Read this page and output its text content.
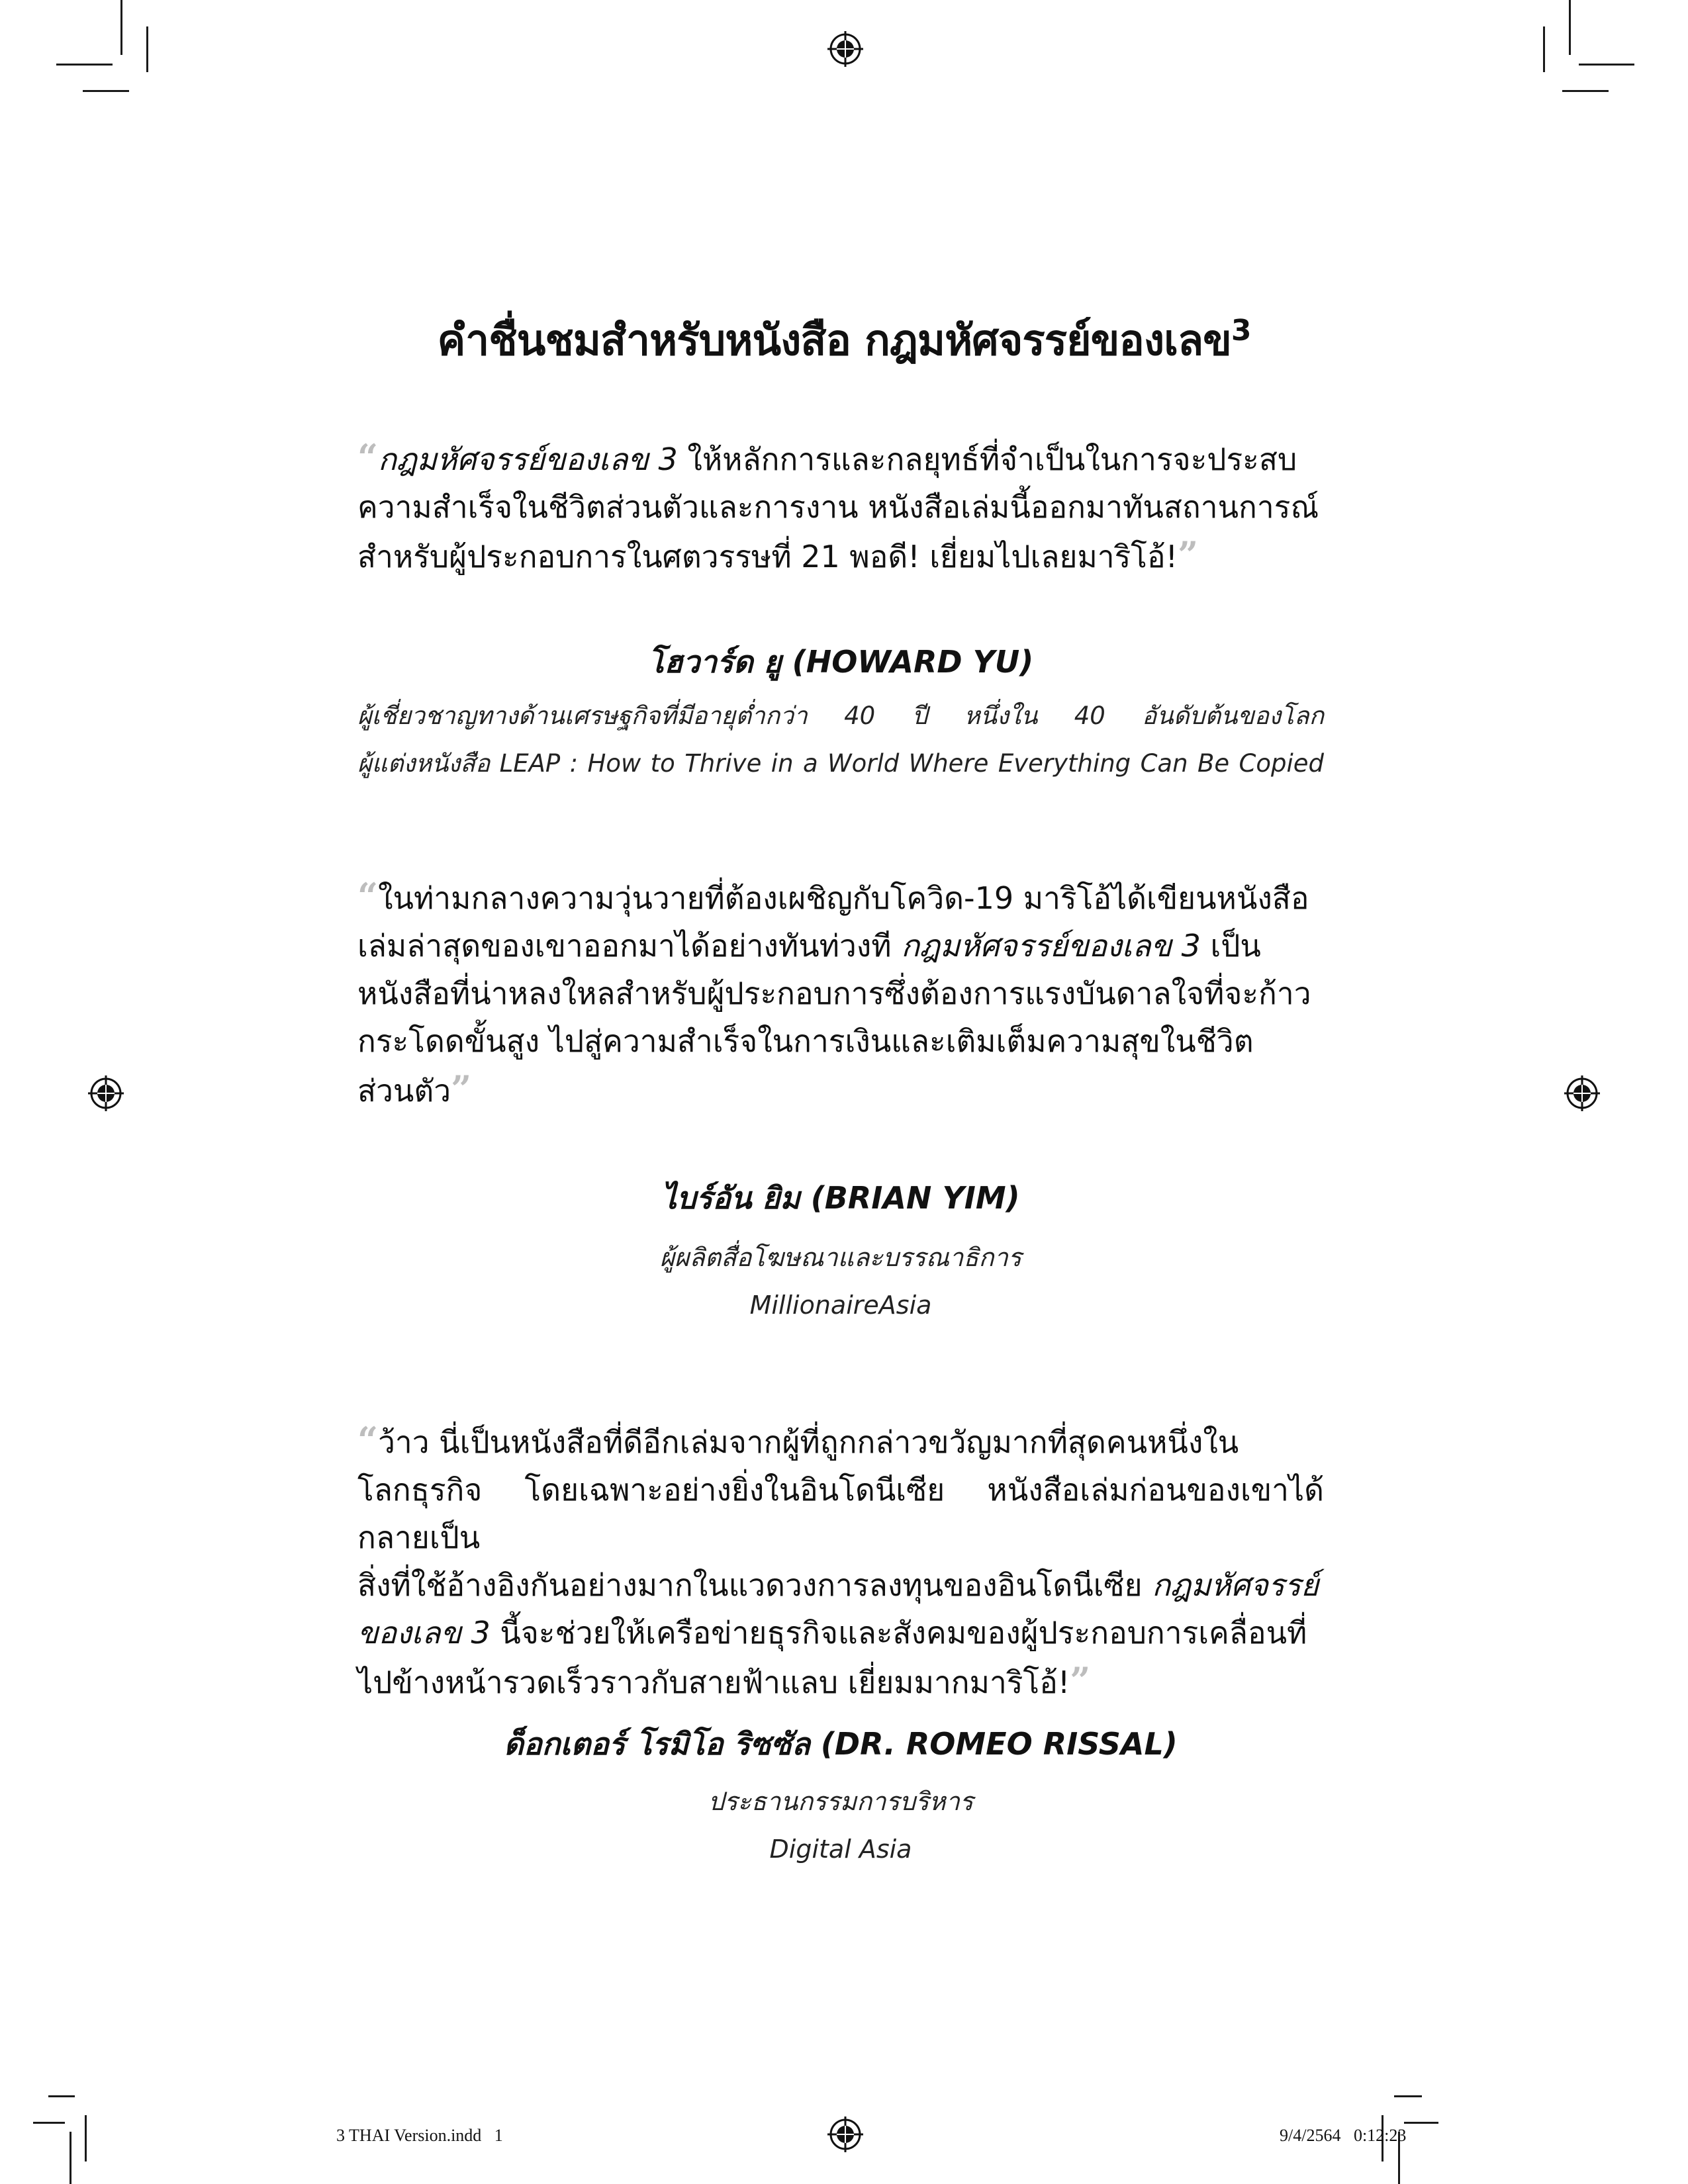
คำชื่นชมสำหรับหนังสือ กฎมหัศจรรย์ของเลข$^3$
“กฎมหัศจรรย์ของเลข 3 ให้หลักการและกลยุทธ์ที่จำเป็นในการจะประสบ
ความสำเร็จในชีวิตส่วนตัวและการงาน หนังสือเล่มนี้ออกมาทันสถานการณ์
สำหรับผู้ประกอบการในศตวรรษที่ 21 พอดี! เยี่ยมไปเลยมาริโอ้!”
โฮวาร์ด ยู (HOWARD YU)
ผู้เชี่ยวชาญทางด้านเศรษฐกิจที่มีอายุต่ำกว่า 40 ปี หนึ่งใน 40 อันดับต้นของโลก
ผู้แต่งหนังสือ LEAP : How to Thrive in a World Where Everything Can Be Copied
“ในท่ามกลางความวุ่นวายที่ต้องเผชิญกับโควิด-19 มาริโอ้ได้เขียนหนังสือ
เล่มล่าสุดของเขาออกมาได้อย่างทันท่วงที กฎมหัศจรรย์ของเลข 3 เป็น
หนังสือที่น่าหลงใหลสำหรับผู้ประกอบการซึ่งต้องการแรงบันดาลใจที่จะก้าว
กระโดดขั้นสูง ไปสู่ความสำเร็จในการเงินและเติมเต็มความสุขในชีวิต
ส่วนตัว”
ไบร์อัน ยิม (BRIAN YIM)
ผู้ผลิตสื่อโฆษณาและบรรณาธิการ
MillionaireAsia
“ว้าว นี่เป็นหนังสือที่ดีอีกเล่มจากผู้ที่ถูกกล่าวขวัญมากที่สุดคนหนึ่งใน
โลกธุรกิจ โดยเฉพาะอย่างยิ่งในอินโดนีเซีย หนังสือเล่มก่อนของเขาได้กลายเป็น
สิ่งที่ใช้อ้างอิงกันอย่างมากในแวดวงการลงทุนของอินโดนีเซีย กฎมหัศจรรย์
ของเลข 3 นี้จะช่วยให้เครือข่ายธุรกิจและสังคมของผู้ประกอบการเคลื่อนที่
ไปข้างหน้ารวดเร็วราวกับสายฟ้าแลบ เยี่ยมมากมาริโอ้!”
ด็อกเตอร์ โรมิโอ ริซซัล (DR. ROMEO RISSAL)
ประธานกรรมการบริหาร
Digital Asia
3 THAI Version.indd   1	9/4/2564   0:12:23
